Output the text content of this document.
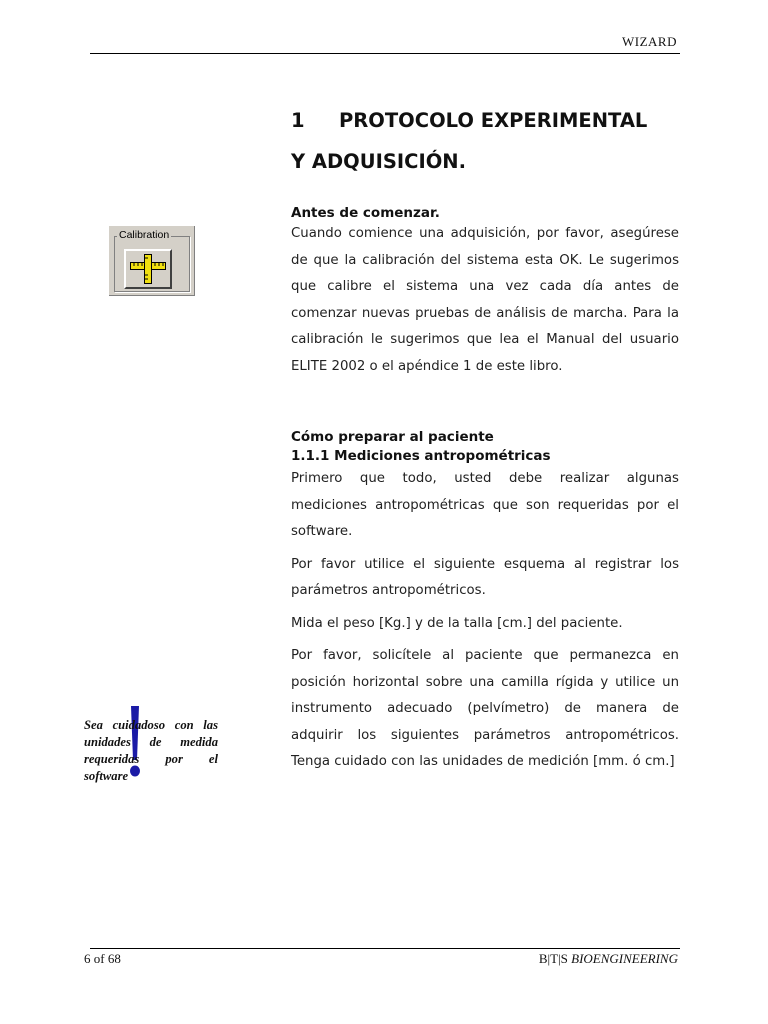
WIZARD
1 PROTOCOLO EXPERIMENTAL
Y ADQUISICIÓN.
Calibration
Antes de comenzar.

Cuando comience una adquisición, por favor, asegúrese de que la calibración del sistema esta OK. Le sugerimos que calibre el sistema una vez cada día antes de comenzar nuevas pruebas de análisis de marcha. Para la calibración le sugerimos que lea el Manual del usuario ELITE 2002 o el apéndice 1 de este libro.

Cómo preparar al paciente
1.1.1 Mediciones antropométricas

Primero que todo, usted debe realizar algunas mediciones antropométricas que son requeridas por el software.

Por favor utilice el siguiente esquema al registrar los parámetros antropométricos.

Mida el peso [Kg.] y de la talla [cm.] del paciente.

Por favor, solicítele al paciente que permanezca en posición horizontal sobre una camilla rígida y utilice un instrumento adecuado (pelvímetro) de manera de adquirir los siguientes parámetros antropométricos. Tenga cuidado con las unidades de medición [mm. ó cm.]

Sea cuidadoso con las unidades de medida requeridas por el software
6 of 68	B|T|S BIOENGINEERING
